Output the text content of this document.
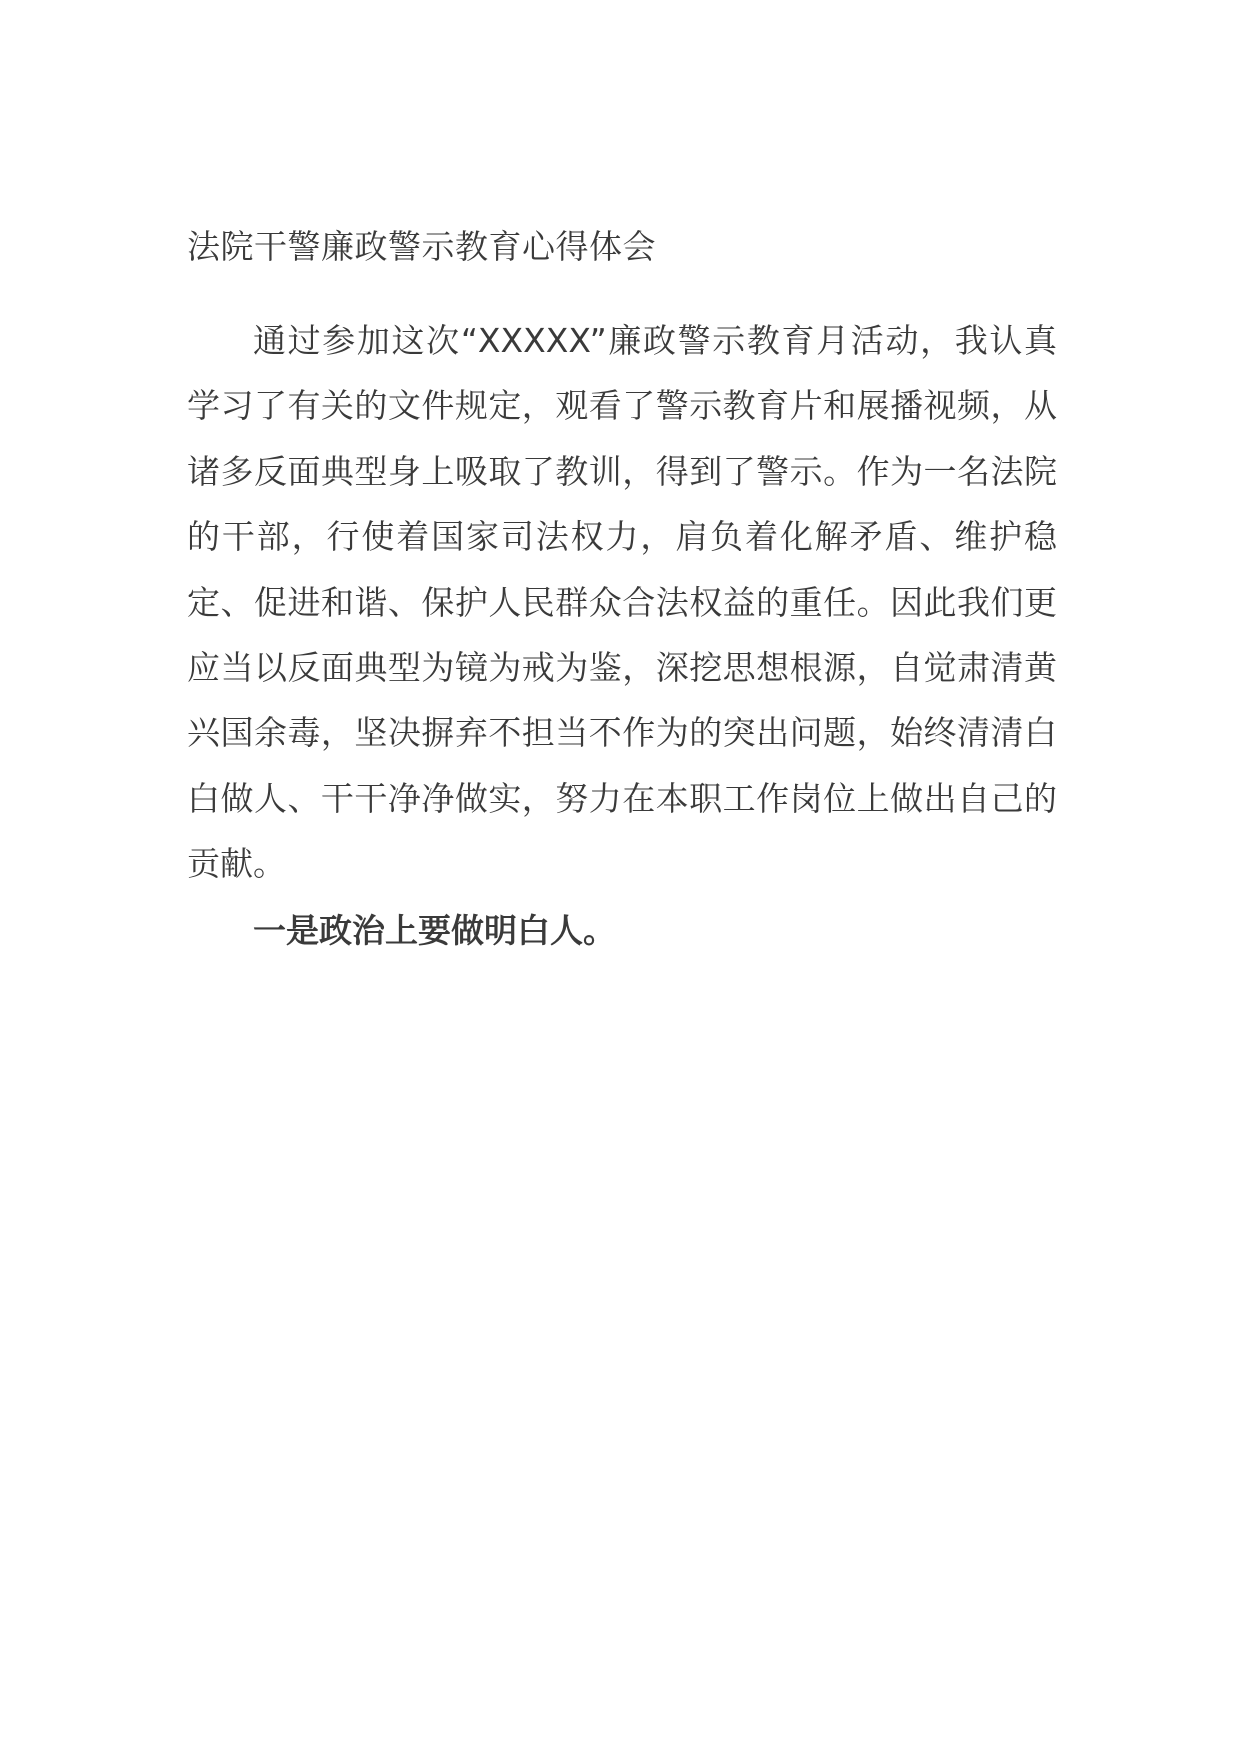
法院干警廉政警示教育心得体会

通过参加这次“XXXXX”廉政警示教育月活动，我认真学习了有关的文件规定，观看了警示教育片和展播视频，从诸多反面典型身上吸取了教训，得到了警示。作为一名法院的干部，行使着国家司法权力，肩负着化解矛盾、维护稳定、促进和谐、保护人民群众合法权益的重任。因此我们更应当以反面典型为镜为戒为鉴，深挖思想根源，自觉肃清黄兴国余毒，坚决摒弃不担当不作为的突出问题，始终清清白白做人、干干净净做实，努力在本职工作岗位上做出自己的贡献。

一是政治上要做明白人。
